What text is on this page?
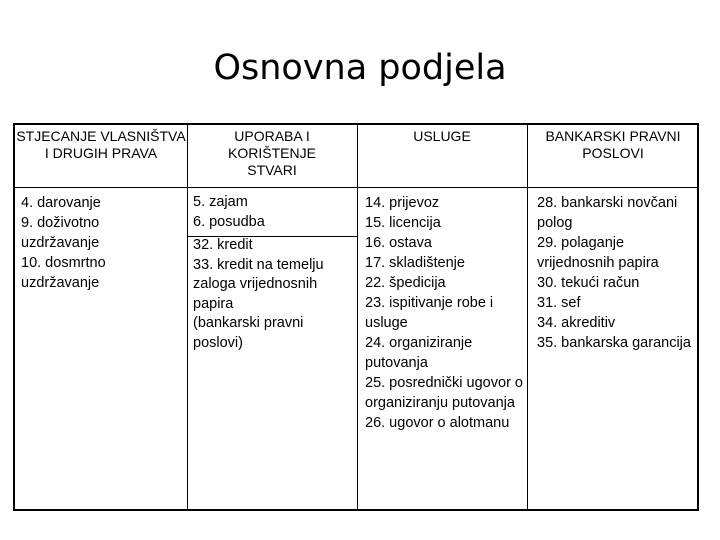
Osnovna podjela
STJECANJE VLASNIŠTVA I DRUGIH PRAVA
UPORABA I KORIŠTENJE STVARI
USLUGE	BANKARSKI PRAVNI POSLOVI
4. darovanje
9. doživotno uzdržavanje
10. dosmrtno uzdržavanje
5. zajam
6. posudba
32. kredit
33. kredit na temelju zaloga vrijednosnih papira
(bankarski pravni poslovi)
14. prijevoz
15. licencija
16. ostava
17. skladištenje
22. špedicija
23. ispitivanje robe i usluge
24. organiziranje putovanja
25. posrednički ugovor o organiziranju putovanja
26. ugovor o alotmanu
28. bankarski novčani polog
29. polaganje vrijednosnih papira
30. tekući račun
31. sef
34. akreditiv
35. bankarska garancija
